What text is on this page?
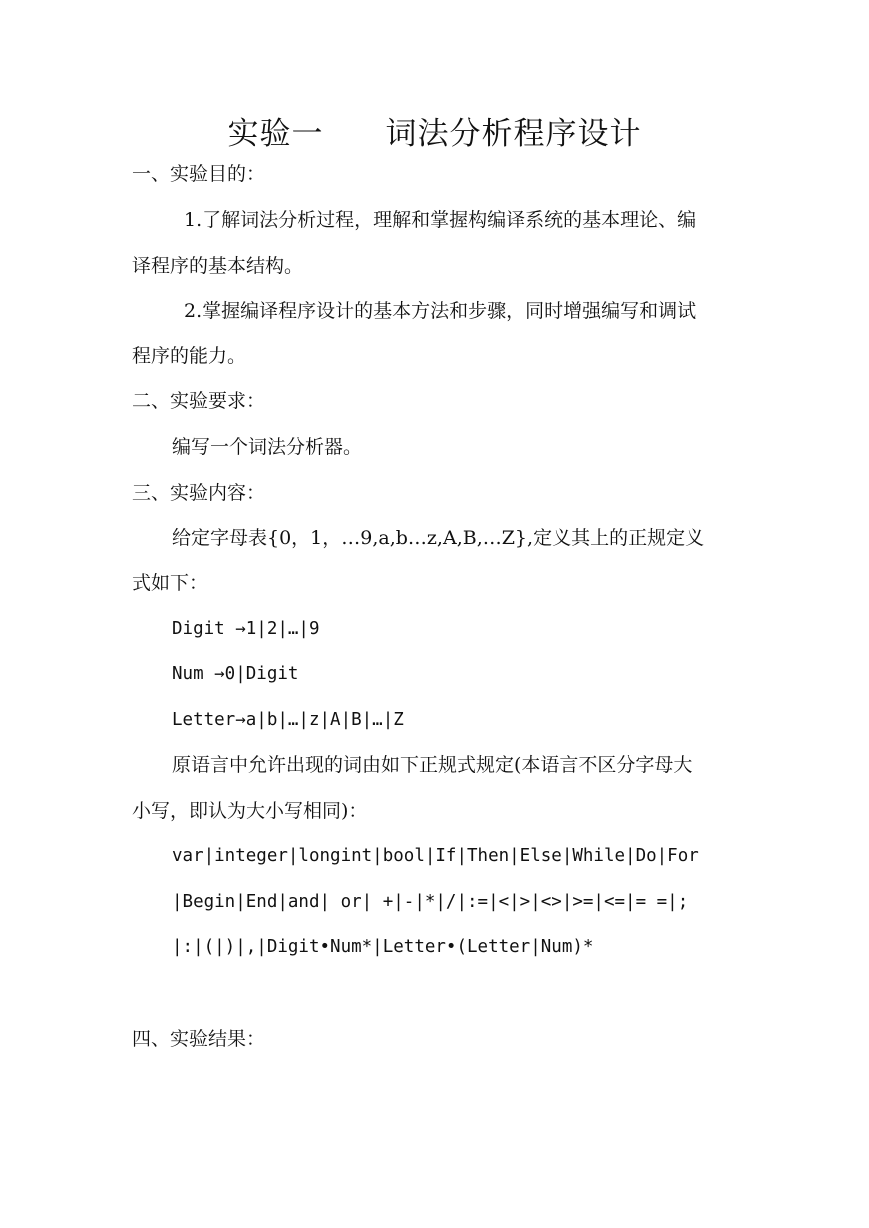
实验一 词法分析程序设计
一、实验目的：
1.了解词法分析过程，理解和掌握构编译系统的基本理论、编
译程序的基本结构。
2.掌握编译程序设计的基本方法和步骤，同时增强编写和调试
程序的能力。
二、实验要求：
编写一个词法分析器。
三、实验内容：
给定字母表{0，1，…9,a,b…z,A,B,…Z},定义其上的正规定义
式如下：
Digit →1|2|…|9
Num →0|Digit
Letter→a|b|…|z|A|B|…|Z
原语言中允许出现的词由如下正规式规定(本语言不区分字母大
小写，即认为大小写相同)：
var|integer|longint|bool|If|Then|Else|While|Do|For
|Begin|End|and| or| +|-|*|/|:=|<|>|<>|>=|<=|= =|;
|:|(|)|,|Digit•Num*|Letter•(Letter|Num)*
四、实验结果：
